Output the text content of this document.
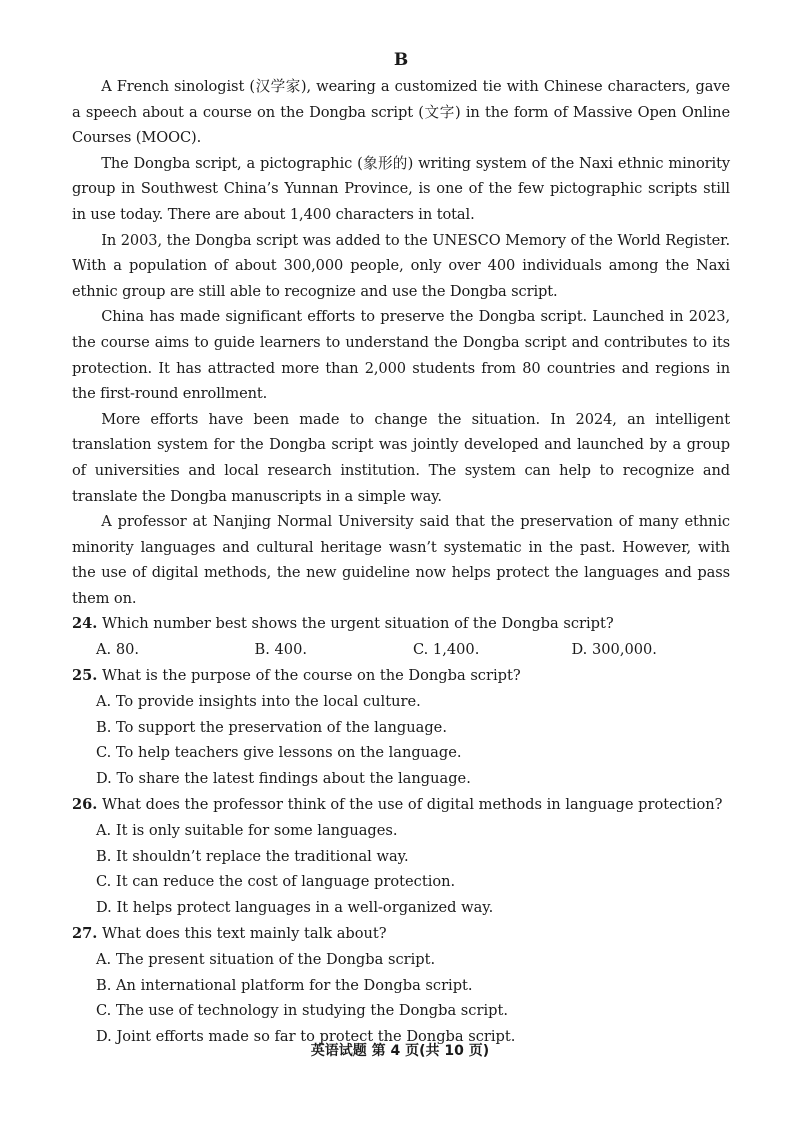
B

A French sinologist (汉学家), wearing a customized tie with Chinese characters, gave a speech about a course on the Dongba script (文字) in the form of Massive Open Online Courses (MOOC).

The Dongba script, a pictographic (象形的) writing system of the Naxi ethnic minority group in Southwest China’s Yunnan Province, is one of the few pictographic scripts still in use today. There are about 1,400 characters in total.

In 2003, the Dongba script was added to the UNESCO Memory of the World Register. With a population of about 300,000 people, only over 400 individuals among the Naxi ethnic group are still able to recognize and use the Dongba script.

China has made significant efforts to preserve the Dongba script. Launched in 2023, the course aims to guide learners to understand the Dongba script and contributes to its protection. It has attracted more than 2,000 students from 80 countries and regions in the first-round enrollment.

More efforts have been made to change the situation. In 2024, an intelligent translation system for the Dongba script was jointly developed and launched by a group of universities and local research institution. The system can help to recognize and translate the Dongba manuscripts in a simple way.

A professor at Nanjing Normal University said that the preservation of many ethnic minority languages and cultural heritage wasn’t systematic in the past. However, with the use of digital methods, the new guideline now helps protect the languages and pass them on.

24. Which number best shows the urgent situation of the Dongba script?

A. 80.	B. 400.	C. 1,400.	D. 300,000.

25. What is the purpose of the course on the Dongba script?

A. To provide insights into the local culture.
B. To support the preservation of the language.
C. To help teachers give lessons on the language.
D. To share the latest findings about the language.

26. What does the professor think of the use of digital methods in language protection?

A. It is only suitable for some languages.
B. It shouldn’t replace the traditional way.
C. It can reduce the cost of language protection.
D. It helps protect languages in a well-organized way.

27. What does this text mainly talk about?

A. The present situation of the Dongba script.
B. An international platform for the Dongba script.
C. The use of technology in studying the Dongba script.
D. Joint efforts made so far to protect the Dongba script.
英语试题 第 4 页(共 10 页)
